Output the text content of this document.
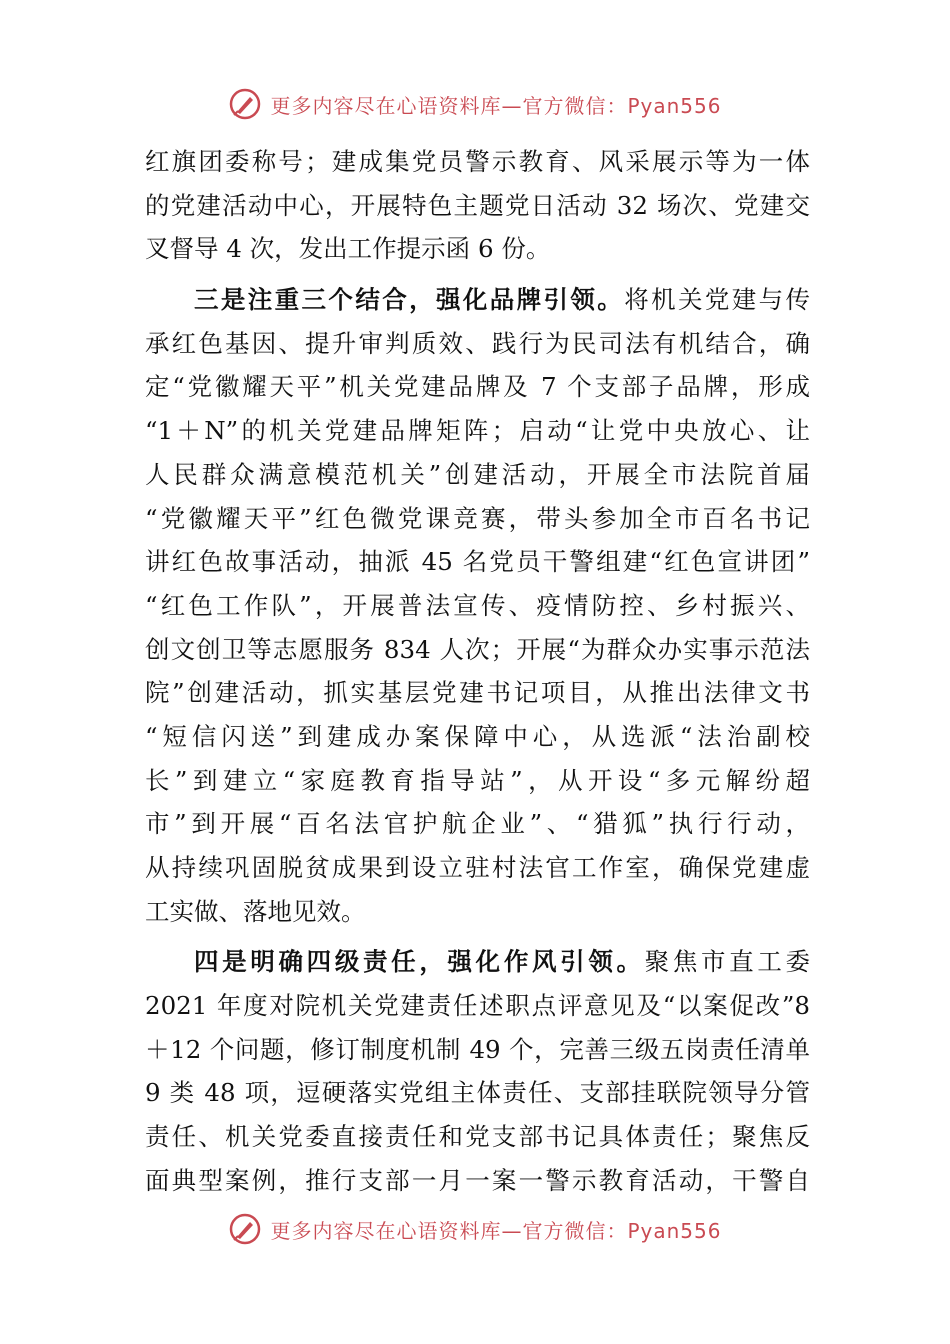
更多内容尽在心语资料库—官方微信：Pyan556
红旗团委称号；建成集党员警示教育、风采展示等为一体
的党建活动中心，开展特色主题党日活动 32 场次、党建交
叉督导 4 次，发出工作提示函 6 份。
三是注重三个结合，强化品牌引领。将机关党建与传
承红色基因、提升审判质效、践行为民司法有机结合，确
定“党徽耀天平”机关党建品牌及 7 个支部子品牌，形成
“1＋N”的机关党建品牌矩阵；启动“让党中央放心、让
人民群众满意模范机关”创建活动，开展全市法院首届
“党徽耀天平”红色微党课竞赛，带头参加全市百名书记
讲红色故事活动，抽派 45 名党员干警组建“红色宣讲团”
“红色工作队”，开展普法宣传、疫情防控、乡村振兴、
创文创卫等志愿服务 834 人次；开展“为群众办实事示范法
院”创建活动，抓实基层党建书记项目，从推出法律文书
“短信闪送”到建成办案保障中心，从选派“法治副校
长”到建立“家庭教育指导站”，从开设“多元解纷超
市”到开展“百名法官护航企业”、“猎狐”执行行动，
从持续巩固脱贫成果到设立驻村法官工作室，确保党建虚
工实做、落地见效。
四是明确四级责任，强化作风引领。聚焦市直工委
2021 年度对院机关党建责任述职点评意见及“以案促改”8
＋12 个问题，修订制度机制 49 个，完善三级五岗责任清单
9 类 48 项，逗硬落实党组主体责任、支部挂联院领导分管
责任、机关党委直接责任和党支部书记具体责任；聚焦反
面典型案例，推行支部一月一案一警示教育活动，干警自
更多内容尽在心语资料库—官方微信：Pyan556
